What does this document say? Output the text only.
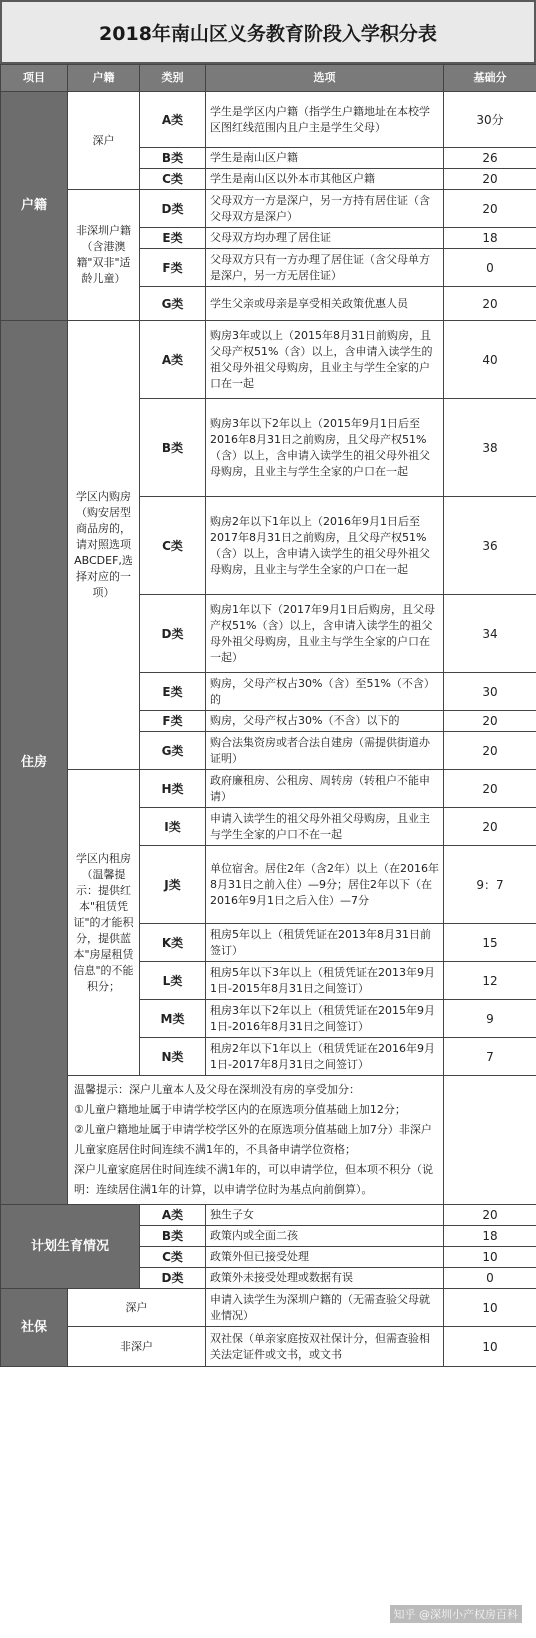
2018年南山区义务教育阶段入学积分表
项目	户籍	类别	选项	基础分
户籍	深户	A类	学生是学区内户籍（指学生户籍地址在本校学区图红线范围内且户主是学生父母）	30分
		B类	学生是南山区户籍	26
		C类	学生是南山区以外本市其他区户籍	20
	非深圳户籍（含港澳籍"双非"适龄儿童）	D类	父母双方一方是深户，另一方持有居住证（含父母双方是深户）	20
		E类	父母双方均办理了居住证	18
		F类	父母双方只有一方办理了居住证（含父母单方是深户，另一方无居住证）	0
		G类	学生父亲或母亲是享受相关政策优惠人员	20
住房	学区内购房（购安居型商品房的，请对照选项ABCDEF,选择对应的一项）	A类	购房3年或以上（2015年8月31日前购房，且父母产权51%（含）以上，含申请入读学生的祖父母外祖父母购房，且业主与学生全家的户口在一起	40
		B类	购房3年以下2年以上（2015年9月1日后至2016年8月31日之前购房，且父母产权51%（含）以上，含申请入读学生的祖父母外祖父母购房，且业主与学生全家的户口在一起	38
		C类	购房2年以下1年以上（2016年9月1日后至2017年8月31日之前购房，且父母产权51%（含）以上，含申请入读学生的祖父母外祖父母购房，且业主与学生全家的户口在一起	36
		D类	购房1年以下（2017年9月1日后购房，且父母产权51%（含）以上，含申请入读学生的祖父母外祖父母购房，且业主与学生全家的户口在一起）	34
		E类	购房，父母产权占30%（含）至51%（不含）的	30
		F类	购房，父母产权占30%（不含）以下的	20
		G类	购合法集资房或者合法自建房（需提供街道办证明）	20
	学区内租房（温馨提示：提供红本"租赁凭证"的才能积分，提供蓝本"房屋租赁信息"的不能积分；	H类	政府廉租房、公租房、周转房（转租户不能申请）	20
		I类	申请入读学生的祖父母外祖父母购房，且业主与学生全家的户口不在一起	20
		J类	单位宿舍。居住2年（含2年）以上（在2016年8月31日之前入住）—9分；居住2年以下（在2016年9月1日之后入住）—7分	9：7
		K类	租房5年以上（租赁凭证在2013年8月31日前签订）	15
		L类	租房5年以下3年以上（租赁凭证在2013年9月1日-2015年8月31日之间签订）	12
		M类	租房3年以下2年以上（租赁凭证在2015年9月1日-2016年8月31日之间签订）	9
		N类	租房2年以下1年以上（租赁凭证在2016年9月1日-2017年8月31日之间签订）	7

	温馨提示：深户儿童本人及父母在深圳没有房的享受加分：
①儿童户籍地址属于申请学校学区内的在原选项分值基础上加12分；
②儿童户籍地址属于申请学校学区外的在原选项分值基础上加7分）非深户儿童家庭居住时间连续不满1年的，不具备申请学位资格；
深户儿童家庭居住时间连续不满1年的，可以申请学位，但本项不积分（说明：连续居住满1年的计算，以申请学位时为基点向前倒算）。			

计划生育情况		A类	独生子女	20
		B类	政策内或全面二孩	18
		C类	政策外但已接受处理	10
		D类	政策外未接受处理或数据有误	0
社保	深户		申请入读学生为深圳户籍的（无需查验父母就业情况）	10
	非深户		双社保（单亲家庭按双社保计分，但需查验相关法定证件或文书，或文书	10
知乎 @深圳小产权房百科
